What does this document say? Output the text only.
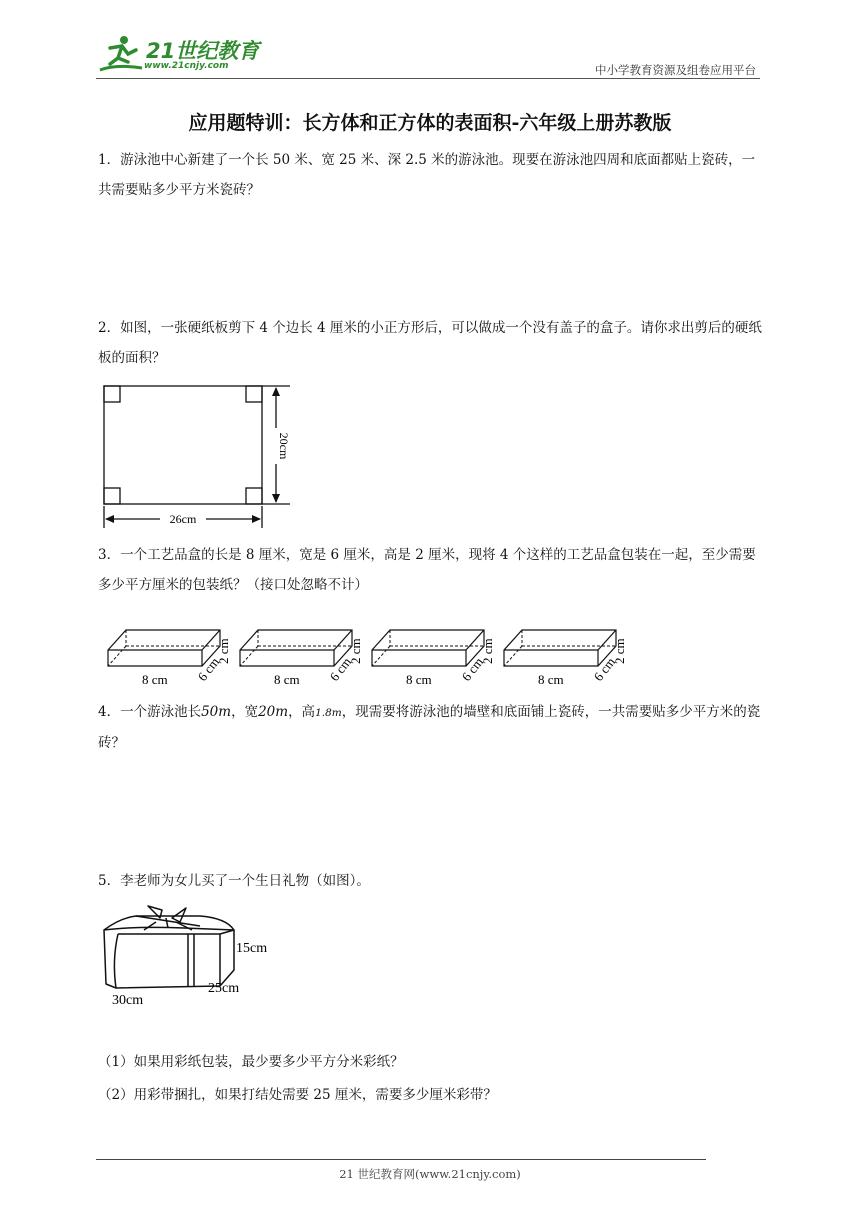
21世纪教育
www.21cnjy.com	中小学教育资源及组卷应用平台
应用题特训：长方体和正方体的表面积-六年级上册苏教版
1．游泳池中心新建了一个长 50 米、宽 25 米、深 2.5 米的游泳池。现要在游泳池四周和底面都贴上瓷砖，一共需要贴多少平方米瓷砖？
2．如图，一张硬纸板剪下 4 个边长 4 厘米的小正方形后，可以做成一个没有盖子的盒子。请你求出剪后的硬纸板的面积？
26cm
20cm
3．一个工艺品盒的长是 8 厘米，宽是 6 厘米，高是 2 厘米，现将 4 个这样的工艺品盒包装在一起，至少需要多少平方厘米的包装纸？（接口处忽略不计）
8 cm 6 cm
2 cm
8 cm 6 cm
2 cm
8 cm 6 cm
2 cm
8 cm 6 cm
2 cm
4．一个游泳池长50m，宽20m，高1.8m，现需要将游泳池的墙壁和底面铺上瓷砖，一共需要贴多少平方米的瓷砖？
5．李老师为女儿买了一个生日礼物（如图）。
15cm
25cm
30cm
（1）如果用彩纸包装，最少要多少平方分米彩纸？
（2）用彩带捆扎，如果打结处需要 25 厘米，需要多少厘米彩带？
21 世纪教育网(www.21cnjy.com)
